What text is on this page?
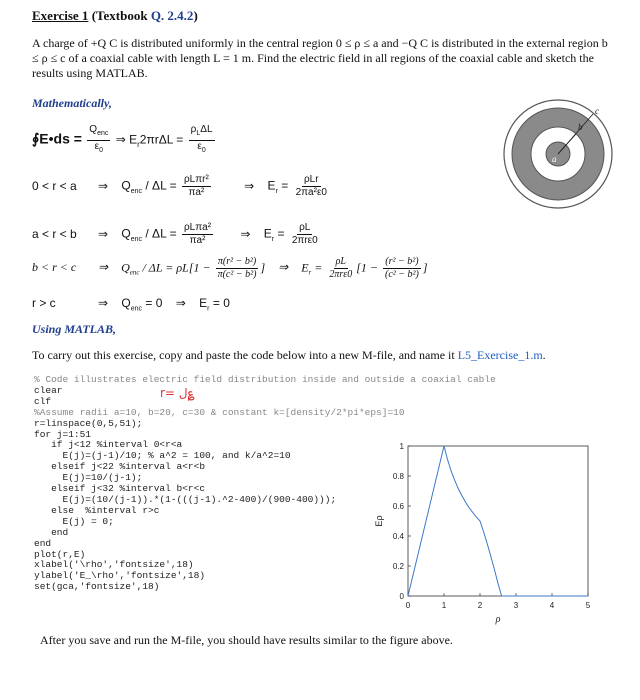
Exercise 1 (Textbook Q. 2.4.2)
A charge of +Q C is distributed uniformly in the central region 0 ≤ ρ ≤ a and −Q C is distributed in the external region b ≤ ρ ≤ c of a coaxial cable with length L = 1 m. Find the electric field in all regions of the coaxial cable and sketch the results using MATLAB.
Mathematically,
∮E•ds = $\frac{Q_{enc}}{\varepsilon_0}$ ⇒ $E_r2\pi r\Delta L = \frac{\rho_L\Delta L}{\varepsilon_0}$
0 < r < a ⇒ $Q_{enc} / \Delta L = \frac{\text{ρLπr²}}{\text{πa²}}$	⇒ $E_r = \frac{\text{ρLr}}{\text{2πa²ε0}}$
a < r < b ⇒ $Q_{enc} / \Delta L = \frac{\text{ρLπa²}}{\text{πa²}}$ ⇒ $E_r = \frac{\rho L}{\text{2πrε0}}$
b < r < c ⇒ $Q_{enc} / \Delta L = \rho L[1 - \frac{\text{π(r² − b²)}}{\text{π(c² − b²)}}$ ] ⇒ $E_r = \frac{\rho L}{\text{2πrε0}} [1 - \frac{\text{(r² − b²)}}{\text{(c² − b²)}}$ ]
r > c	⇒ $Q_{enc} = 0$ ⇒ $E_r = 0$
a
b
c
Using MATLAB,
To carry out this exercise, copy and paste the code below into a new M-file, and name it L5_Exercise_1.m.
r= ل؏
% Code illustrates electric field distribution inside and outside a coaxial cable
clear
clf
%Assume radii a=10, b=20, c=30 & constant k=[density/2*pi*eps]=10
r=linspace(0,5,51);
for j=1:51
if j<12 %interval 0<r<a
E(j)=(j-1)/10; % a^2 = 100, and k/a^2=10
elseif j<22 %interval a<r<b
E(j)=10/(j-1);
elseif j<32 %interval b<r<c
E(j)=(10/(j-1)).*(1-(((j-1).^2-400)/(900-400)));
else  %interval r>c
E(j) = 0;
end
end
plot(r,E)
xlabel('\rho','fontsize',18)
ylabel('E_\rho','fontsize',18)
set(gca,'fontsize',18)
0	1	2	3	4	5
0
0.2
0.4
0.6
0.8
1
ρ
Eρ
After you save and run the M-file, you should have results similar to the figure above.
